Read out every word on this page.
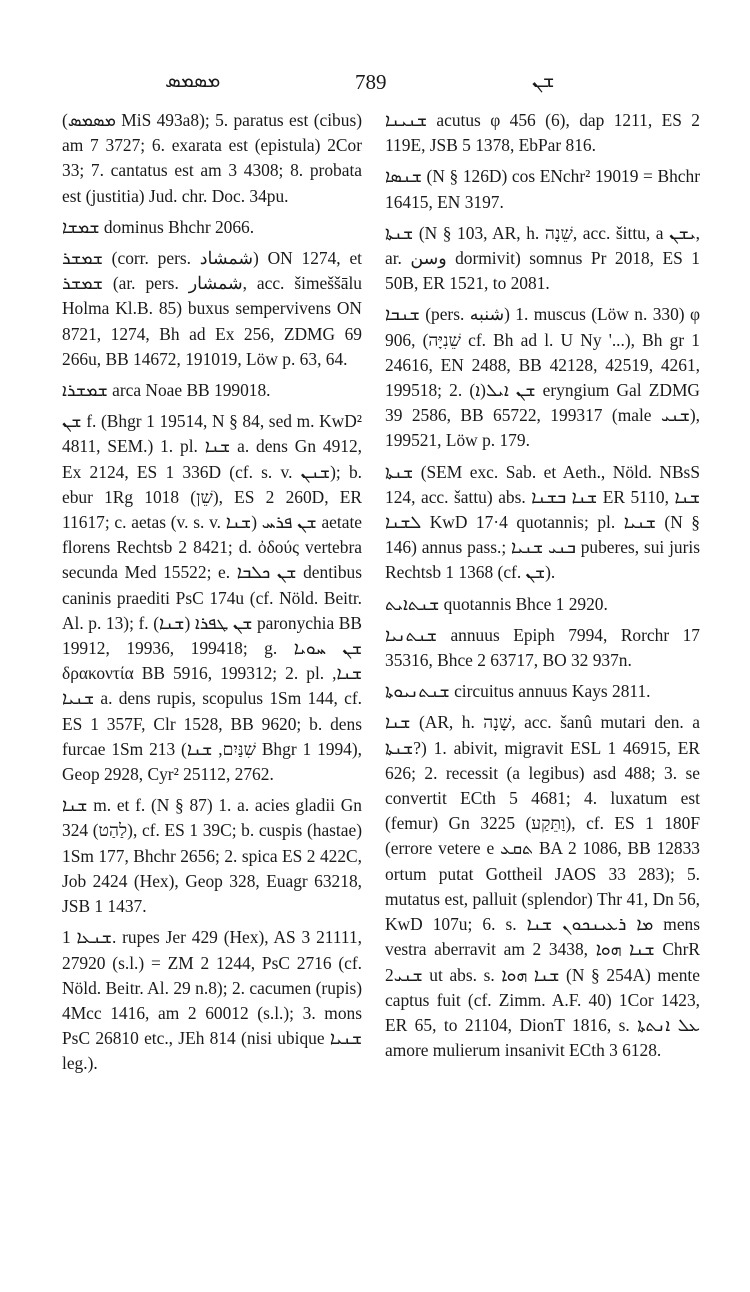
ܡܣܡܣ	789	ܫܢ

(ܡܣܡܣ MiS 493a8); 5. paratus est (cibus) am 7 3727; 6. exarata est (epistula) 2Cor 33; 7. cantatus est am 3 4308; 8. probata est (justitia) Jud. chr. Doc. 34pu.

ܫܡܫܐ dominus Bhchr 2066.

ܫܡܫܪ (corr. pers. شمشاد) ON 1274, et ܫܡܫܪ (ar. pers. شمشار, acc. šimeššālu Holma Kl.B. 85) buxus sempervivens ON 8721, 1274, Bh ad Ex 256, ZDMG 69 266u, BB 14672, 191019, Löw p. 63, 64.

ܫܡܫܪܐ arca Noae BB 199018.

ܫܢ f. (Bhgr 1 19514, N § 84, sed m. KwD² 4811, SEM.) 1. pl. ܫܢܐ a. dens Gn 4912, Ex 2124, ES 1 336D (cf. s. v. ܫܢܢ); b. ebur 1Rg 1018 (שֵׁן), ES 2 260D, ER 11617; c. aetas (v. s. v. ܫܢܐ) ܫܢ ܦܪܚ aetate florens Rechtsb 2 8421; d. ὀδούς vertebra secunda Med 15522; e. ܫܢ ܟܠܒܐ dentibus caninis praediti PsC 174u (cf. Nöld. Beitr. Al. p. 13); f. ܫܢ ܛܦܪܐ (ܫܢܐ) paronychia BB 19912, 19936, 199418; g. ܫܢ ܚܘܝܐ δρακοντία BB 5916, 199312; 2. pl. ܫܢܐ, ܫܢܝܐ a. dens rupis, scopulus 1Sm 144, cf. ES 1 357F, Clr 1528, BB 9620; b. dens furcae 1Sm 213 (שִׁנַּיִם, ܫܢܐ Bhgr 1 1994), Geop 2928, Cyr² 25112, 2762.

ܫܢܐ m. et f. (N § 87) 1. a. acies gladii Gn 324 (לַהַט), cf. ES 1 39C; b. cuspis (hastae) 1Sm 177, Bhchr 2656; 2. spica ES 2 422C, Job 2424 (Hex), Geop 328, Euagr 63218, JSB 1 1437.

ܫܢܥܐ 1. rupes Jer 429 (Hex), AS 3 21111, 27920 (s.l.) = ZM 2 1244, PsC 2716 (cf. Nöld. Beitr. Al. 29 n.8); 2. cacumen (rupis) 4Mcc 1416, am 2 60012 (s.l.); 3. mons PsC 26810 etc., JEh 814 (nisi ubique ܫܢܝܐ leg.).

ܫܢܝܢܐ acutus φ 456 (6), dap 1211, ES 2 119E, JSB 5 1378, EbPar 816.

ܫܢܣܐ (N § 126D) cos ENchr² 19019 = Bhchr 16415, EN 3197.

ܫܢܬܐ (N § 103, AR, h. שֵׁנָה, acc. šittu, a ܝܫܢ, ar. وسن dormivit) somnus Pr 2018, ES 1 50B, ER 1521, to 2081.

ܫܢܒܐ (pers. شنبه) 1. muscus (Löw n. 330) φ 906, (שֵׁנִיָּה cf. Bh ad l. U Ny '...), Bh gr 1 24616, EN 2488, BB 42128, 42519, 4261, 199518; 2. (ܐ)ܫܢ ܐܝܠ eryngium Gal ZDMG 39 2586, BB 65722, 199317 (male ܫܢܝ), 199521, Löw p. 179.

ܫܢܬܐ (SEM exc. Sab. et Aeth., Nöld. NBsS 124, acc. šattu) abs. ܫܢܐ ܒܫܢܐ ER 5110, ܫܢܐ ܠܫܢܐ KwD 17·4 quotannis; pl. ܫܢܝܐ (N § 146) annus pass.; ܒܢܝ ܫܢܝܐ puberes, sui juris Rechtsb 1 1368 (cf. ܫܢ).

ܫܢܬܐܝܬ quotannis Bhce 1 2920.

ܫܢܬܢܝܐ annuus Epiph 7994, Rorchr 17 35316, Bhce 2 63717, BO 32 937n.

ܫܢܬܢܝܘܬܐ circuitus annuus Kays 2811.

ܫܢܐ (AR, h. שָׁנָה, acc. šanû mutari den. a ܫܢܬܐ?) 1. abivit, migravit ESL 1 46915, ER 626; 2. recessit (a legibus) asd 488; 3. se convertit ECth 5 4681; 4. luxatum est (femur) Gn 3225 (וַתֵּקַע), cf. ES 1 180F (errore vetere e ܬܩܥ BA 2 1086, BB 12833 ortum putat Gottheil JAOS 33 283); 5. mutatus est, palluit (splendor) Thr 41, Dn 56, KwD 107u; 6. s. ܡܐ ܪܥܝܢܟܘܢ ܫܢܐ mens vestra aberravit am 2 3438, ܫܢܐ ܗܘܐ ChrR ܫܢܝ2 ut abs. s. ܫܢܐ ܗܘܐ (N § 254A) mente captus fuit (cf. Zimm. A.F. 40) 1Cor 1423, ER 65, to 21104, DionT 1816, s. ܥܠ ܐܢܬܬܐ amore mulierum insanivit ECth 3 6128.
